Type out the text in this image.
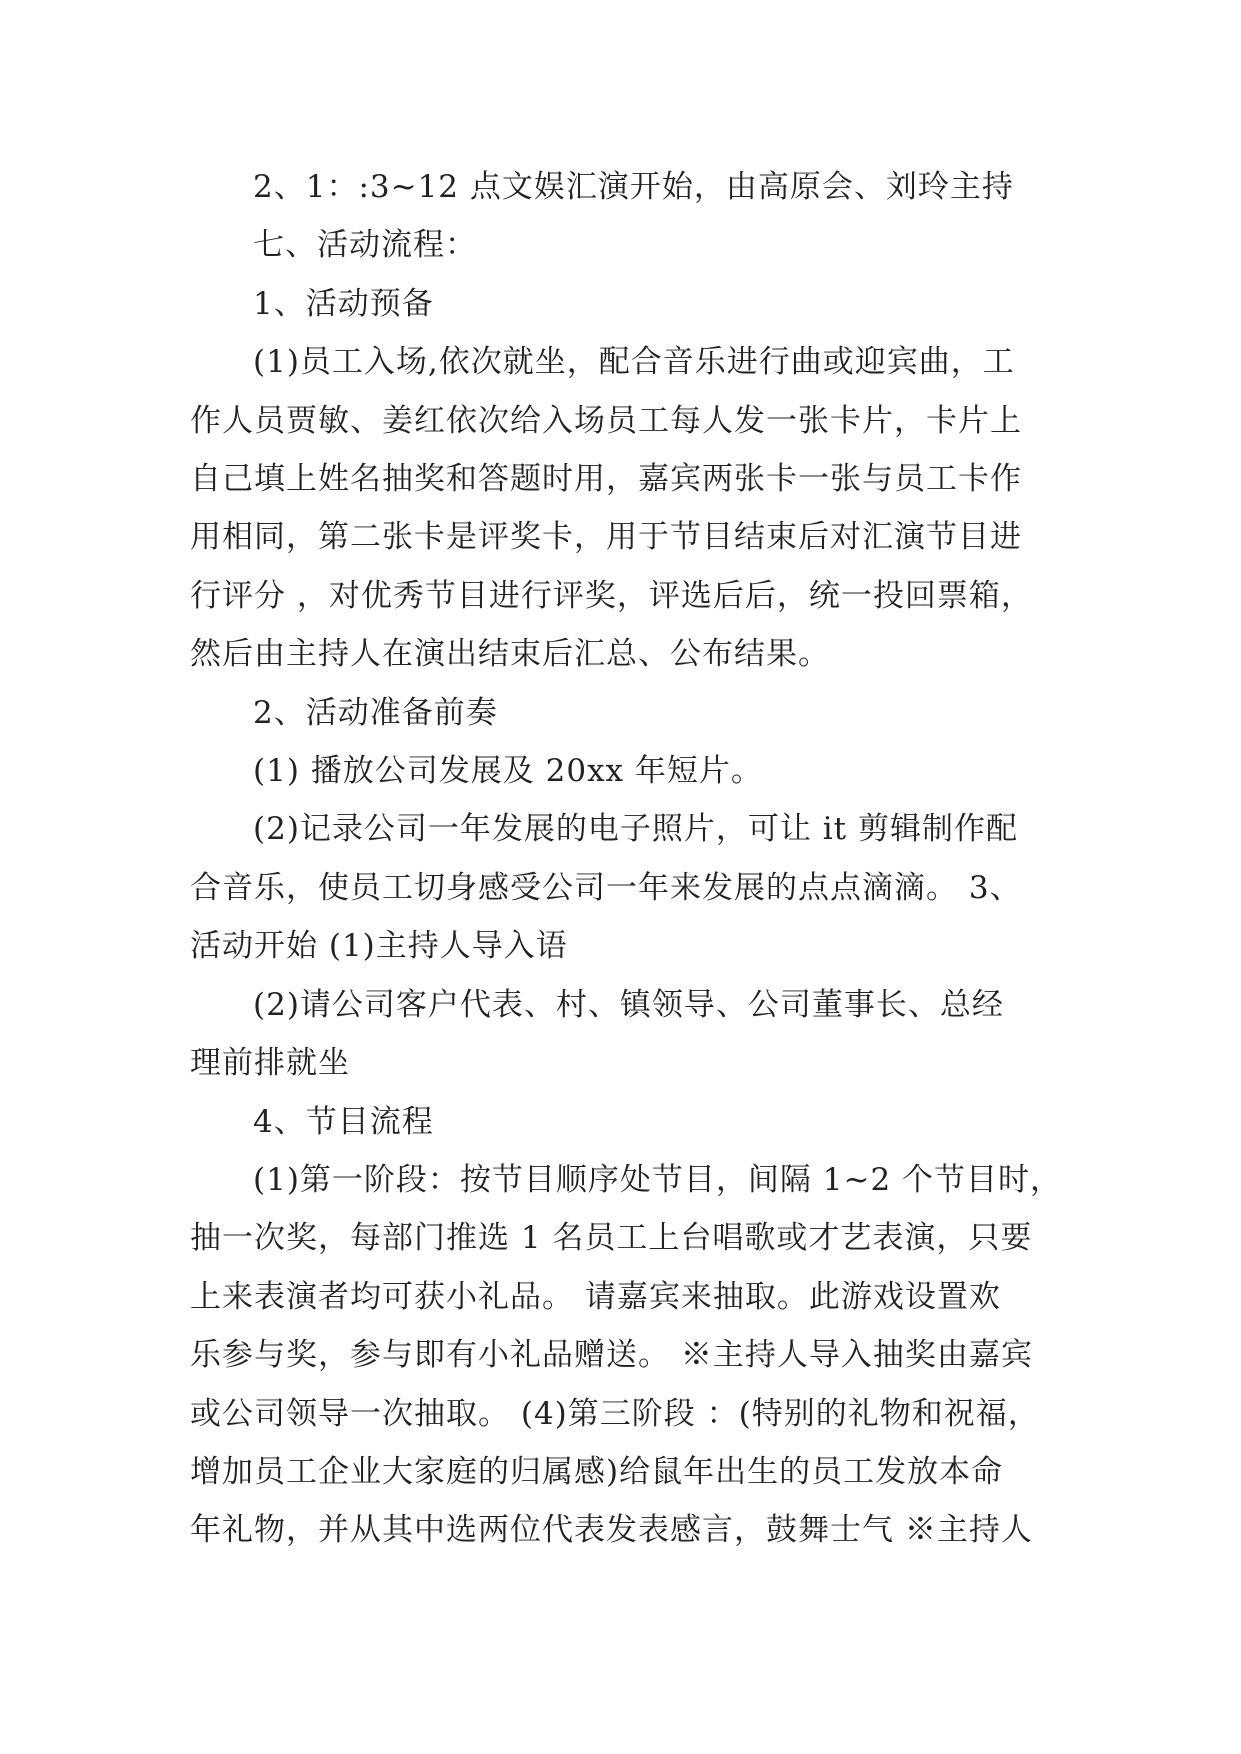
2、1：:3~12 点文娱汇演开始，由高原会、刘玲主持
七、活动流程：
1、活动预备
(1)员工入场,依次就坐，配合音乐进行曲或迎宾曲，工
作人员贾敏、姜红依次给入场员工每人发一张卡片，卡片上
自己填上姓名抽奖和答题时用，嘉宾两张卡一张与员工卡作
用相同，第二张卡是评奖卡，用于节目结束后对汇演节目进
行评分 ，对优秀节目进行评奖，评选后后，统一投回票箱，
然后由主持人在演出结束后汇总、公布结果。
2、活动准备前奏
(1) 播放公司发展及 20xx 年短片。
(2)记录公司一年发展的电子照片，可让 it 剪辑制作配
合音乐，使员工切身感受公司一年来发展的点点滴滴。 3、
活动开始 (1)主持人导入语
(2)请公司客户代表、村、镇领导、公司董事长、总经
理前排就坐
4、节目流程
(1)第一阶段：按节目顺序处节目，间隔 1~2 个节目时，
抽一次奖，每部门推选 1 名员工上台唱歌或才艺表演，只要
上来表演者均可获小礼品。 请嘉宾来抽取。此游戏设置欢
乐参与奖，参与即有小礼品赠送。 ※主持人导入抽奖由嘉宾
或公司领导一次抽取。 (4)第三阶段 ：(特别的礼物和祝福，
增加员工企业大家庭的归属感)给鼠年出生的员工发放本命
年礼物，并从其中选两位代表发表感言，鼓舞士气 ※主持人
